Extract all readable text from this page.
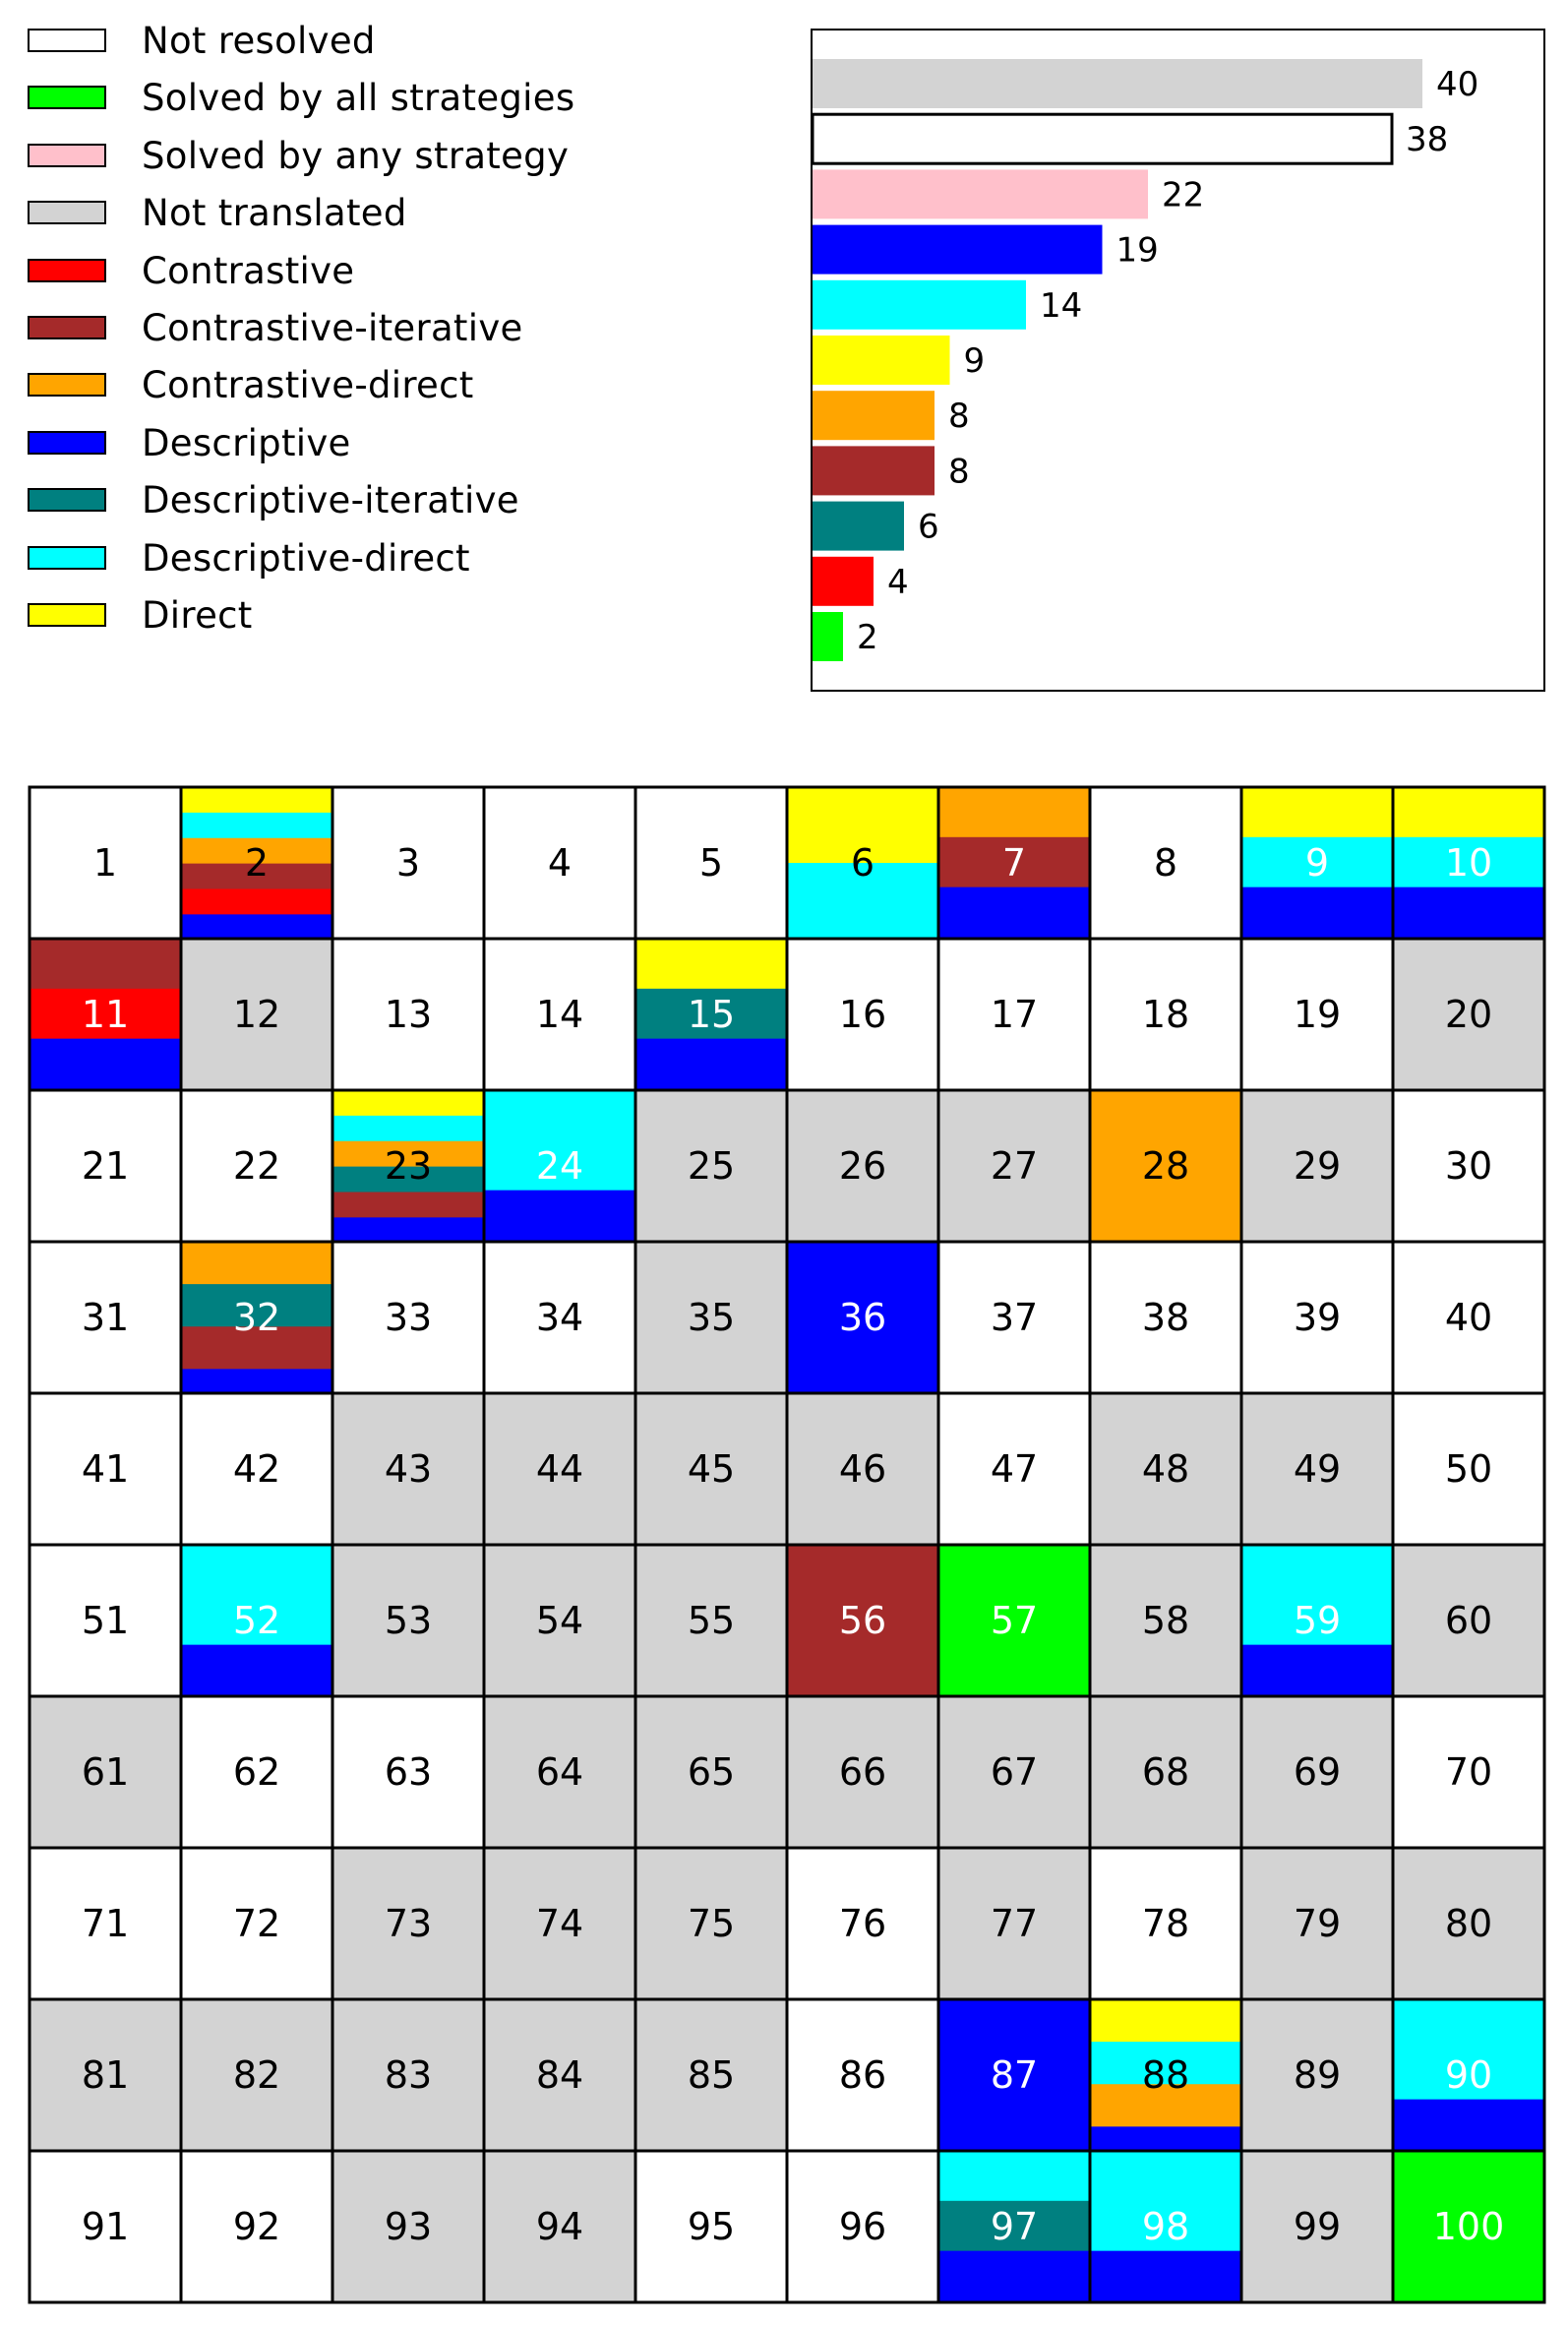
Not resolved
Solved by all strategies
Solved by any strategy
Not translated
Contrastive
Contrastive-iterative
Contrastive-direct
Descriptive
Descriptive-iterative
Descriptive-direct
Direct
40
38
22
19
14
9
8
8
6
4
2
1	2	3	4	5	6	7	8	9	10
11	12	13	14	15	16	17	18	19	20
21	22	23	24	25	26	27	28	29	30
31	32	33	34	35	36	37	38	39	40
41	42	43	44	45	46	47	48	49	50
51	52	53	54	55	56	57	58	59	60
61	62	63	64	65	66	67	68	69	70
71	72	73	74	75	76	77	78	79	80
81	82	83	84	85	86	87	88	89	90
91	92	93	94	95	96	97	98	99 100
